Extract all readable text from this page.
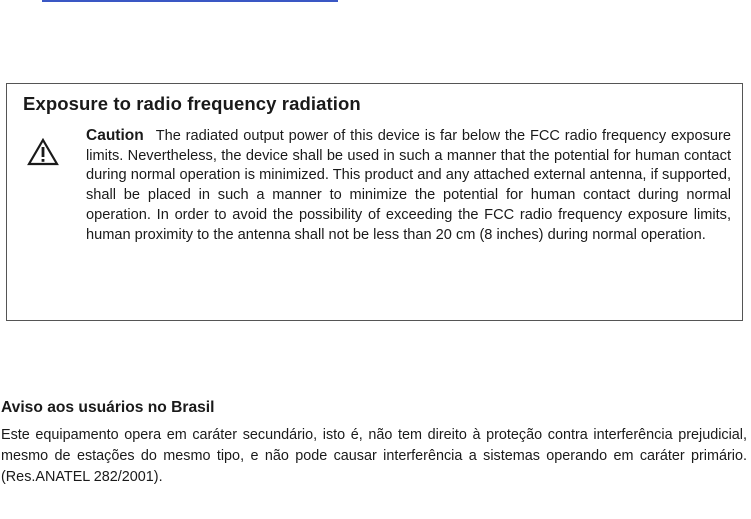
Exposure to radio frequency radiation

Caution The radiated output power of this device is far below the FCC radio frequency exposure limits. Nevertheless, the device shall be used in such a manner that the potential for human contact during normal operation is minimized. This product and any attached external antenna, if supported, shall be placed in such a manner to minimize the potential for human contact during normal operation. In order to avoid the possibility of exceeding the FCC radio frequency exposure limits, human proximity to the antenna shall not be less than 20 cm (8 inches) during normal operation.

Aviso aos usuários no Brasil

Este equipamento opera em caráter secundário, isto é, não tem direito à proteção contra interferência prejudicial, mesmo de estações do mesmo tipo, e não pode causar interferência a sistemas operando em caráter primário. (Res.ANATEL 282/2001).
